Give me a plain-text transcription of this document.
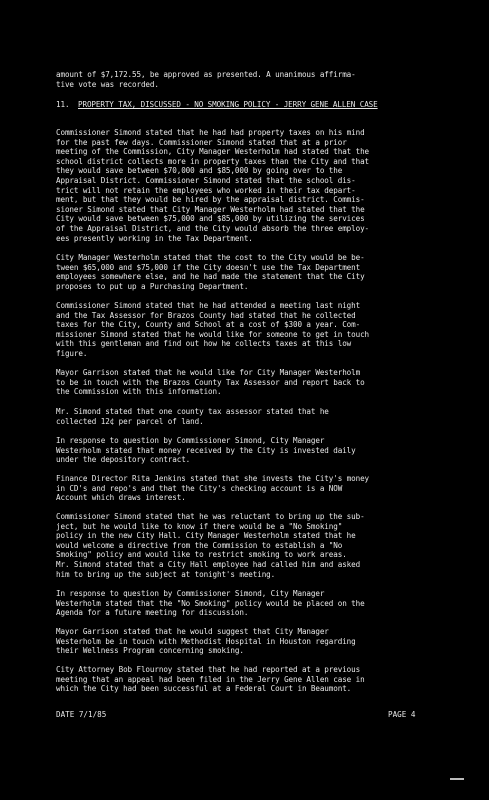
amount of $7,172.55, be approved as presented. A unanimous affirma-
tive vote was recorded.
11. PROPERTY TAX, DISCUSSED - NO SMOKING POLICY - JERRY GENE ALLEN CASE
Commissioner Simond stated that he had had property taxes on his mind
for the past few days. Commissioner Simond stated that at a prior
meeting of the Commission, City Manager Westerholm had stated that the
school district collects more in property taxes than the City and that
they would save between $70,000 and $85,000 by going over to the
Appraisal District. Commissioner Simond stated that the school dis-
trict will not retain the employees who worked in their tax depart-
ment, but that they would be hired by the appraisal district. Commis-
sioner Simond stated that City Manager Westerholm had stated that the
City would save between $75,000 and $85,000 by utilizing the services
of the Appraisal District, and the City would absorb the three employ-
ees presently working in the Tax Department.
City Manager Westerholm stated that the cost to the City would be be-
tween $65,000 and $75,000 if the City doesn't use the Tax Department
employees somewhere else, and he had made the statement that the City
proposes to put up a Purchasing Department.
Commissioner Simond stated that he had attended a meeting last night
and the Tax Assessor for Brazos County had stated that he collected
taxes for the City, County and School at a cost of $300 a year. Com-
missioner Simond stated that he would like for someone to get in touch
with this gentleman and find out how he collects taxes at this low
figure.
Mayor Garrison stated that he would like for City Manager Westerholm
to be in touch with the Brazos County Tax Assessor and report back to
the Commission with this information.
Mr. Simond stated that one county tax assessor stated that he
collected 12¢ per parcel of land.
In response to question by Commissioner Simond, City Manager
Westerholm stated that money received by the City is invested daily
under the depository contract.
Finance Director Rita Jenkins stated that she invests the City's money
in CD's and repo's and that the City's checking account is a NOW
Account which draws interest.
Commissioner Simond stated that he was reluctant to bring up the sub-
ject, but he would like to know if there would be a "No Smoking"
policy in the new City Hall. City Manager Westerholm stated that he
would welcome a directive from the Commission to establish a "No
Smoking" policy and would like to restrict smoking to work areas.
Mr. Simond stated that a City Hall employee had called him and asked
him to bring up the subject at tonight's meeting.
In response to question by Commissioner Simond, City Manager
Westerholm stated that the "No Smoking" policy would be placed on the
Agenda for a future meeting for discussion.
Mayor Garrison stated that he would suggest that City Manager
Westerholm be in touch with Methodist Hospital in Houston regarding
their Wellness Program concerning smoking.
City Attorney Bob Flournoy stated that he had reported at a previous
meeting that an appeal had been filed in the Jerry Gene Allen case in
which the City had been successful at a Federal Court in Beaumont.
DATE 7/1/85	PAGE 4
